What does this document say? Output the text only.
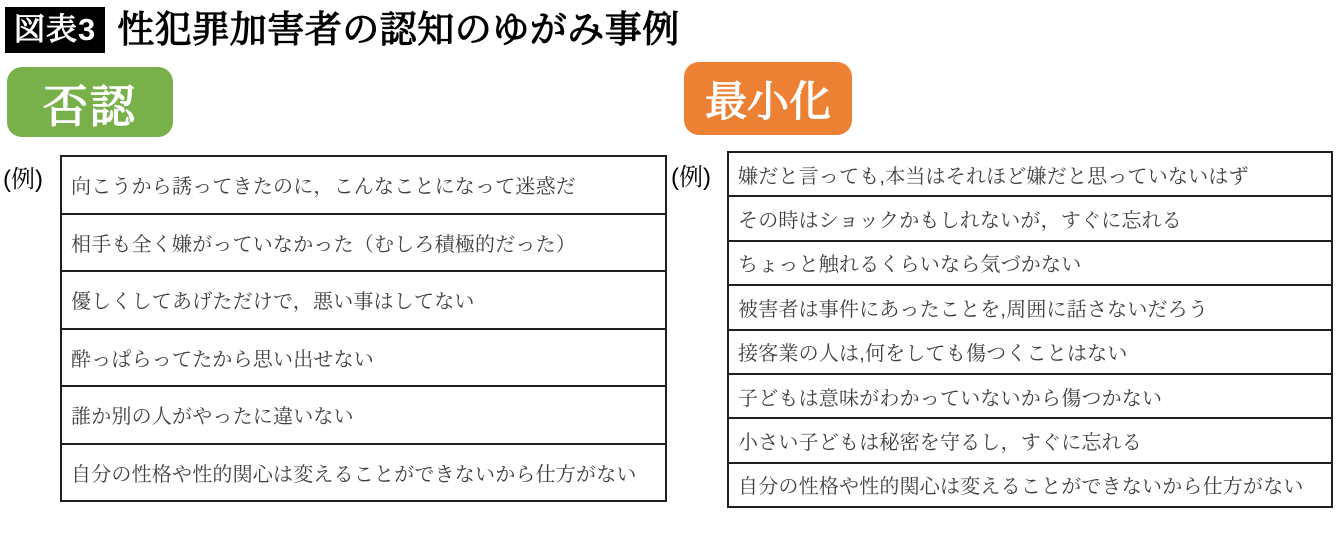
図表3 性犯罪加害者の認知のゆがみ事例
否認	最小化
(例)	(例)
向こうから誘ってきたのに，こんなことになって迷惑だ
相手も全く嫌がっていなかった（むしろ積極的だった）
優しくしてあげただけで，悪い事はしてない
酔っぱらってたから思い出せない
誰か別の人がやったに違いない
自分の性格や性的関心は変えることができないから仕方がない
嫌だと言っても,本当はそれほど嫌だと思っていないはず
その時はショックかもしれないが，すぐに忘れる
ちょっと触れるくらいなら気づかない
被害者は事件にあったことを,周囲に話さないだろう
接客業の人は,何をしても傷つくことはない
子どもは意味がわかっていないから傷つかない
小さい子どもは秘密を守るし，すぐに忘れる
自分の性格や性的関心は変えることができないから仕方がない
